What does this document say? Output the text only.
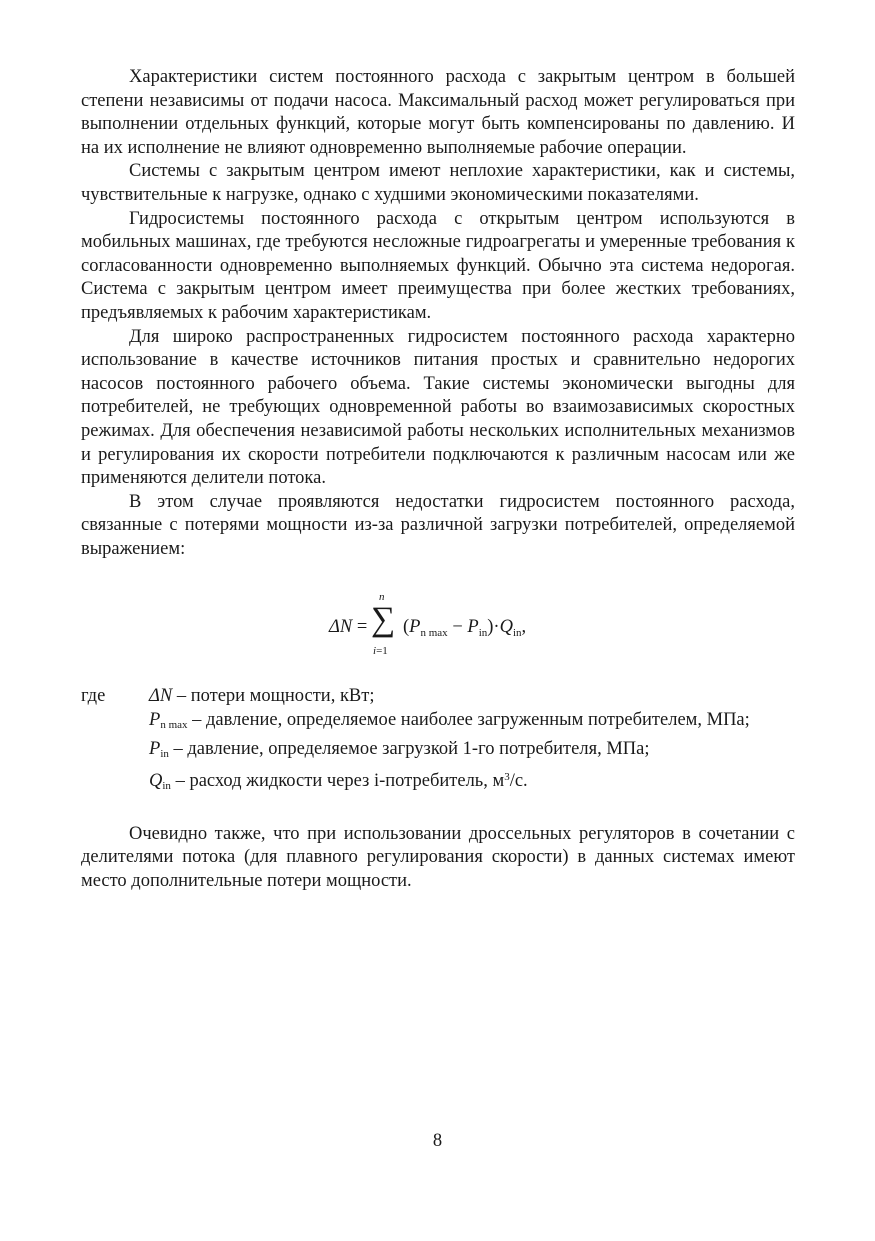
Характеристики систем постоянного расхода с закрытым центром в большей степени независимы от подачи насоса. Максимальный расход может регулироваться при выполнении отдельных функций, которые могут быть компенсированы по давлению. И на их исполнение не влияют одновременно выполняемые рабочие операции.

Системы с закрытым центром имеют неплохие характеристики, как и системы, чувствительные к нагрузке, однако с худшими экономическими показателями.

Гидросистемы постоянного расхода с открытым центром используются в мобильных машинах, где требуются несложные гидроагрегаты и умеренные требования к согласованности одновременно выполняемых функций. Обычно эта система недорогая. Система с закрытым центром имеет преимущества при более жестких требованиях, предъявляемых к рабочим характеристикам.

Для широко распространенных гидросистем постоянного расхода характерно использование в качестве источников питания простых и сравнительно недорогих насосов постоянного рабочего объема. Такие системы экономически выгодны для потребителей, не требующих одновременной работы во взаимозависимых скоростных режимах. Для обеспечения независимой работы нескольких исполнительных механизмов и регулирования их скорости потребители подключаются к различным насосам или же применяются делители потока.

В этом случае проявляются недостатки гидросистем постоянного расхода, связанные с потерями мощности из-за различной загрузки потребителей, определяемой выражением:

ΔN =
n
∑
i=1
$(P_{n max} - P_{in})\cdot Q_{in}$,
где	ΔN – потери мощности, кВт;
$P_{n max}$ – давление, определяемое наиболее загруженным потребителем, МПа;
$P_{in}$ – давление, определяемое загрузкой 1-го потребителя, МПа;
$Q_{in}$ – расход жидкости через i-потребитель, $м^3/с$.

Очевидно также, что при использовании дроссельных регуляторов в сочетании с делителями потока (для плавного регулирования скорости) в данных системах имеют место дополнительные потери мощности.

8
